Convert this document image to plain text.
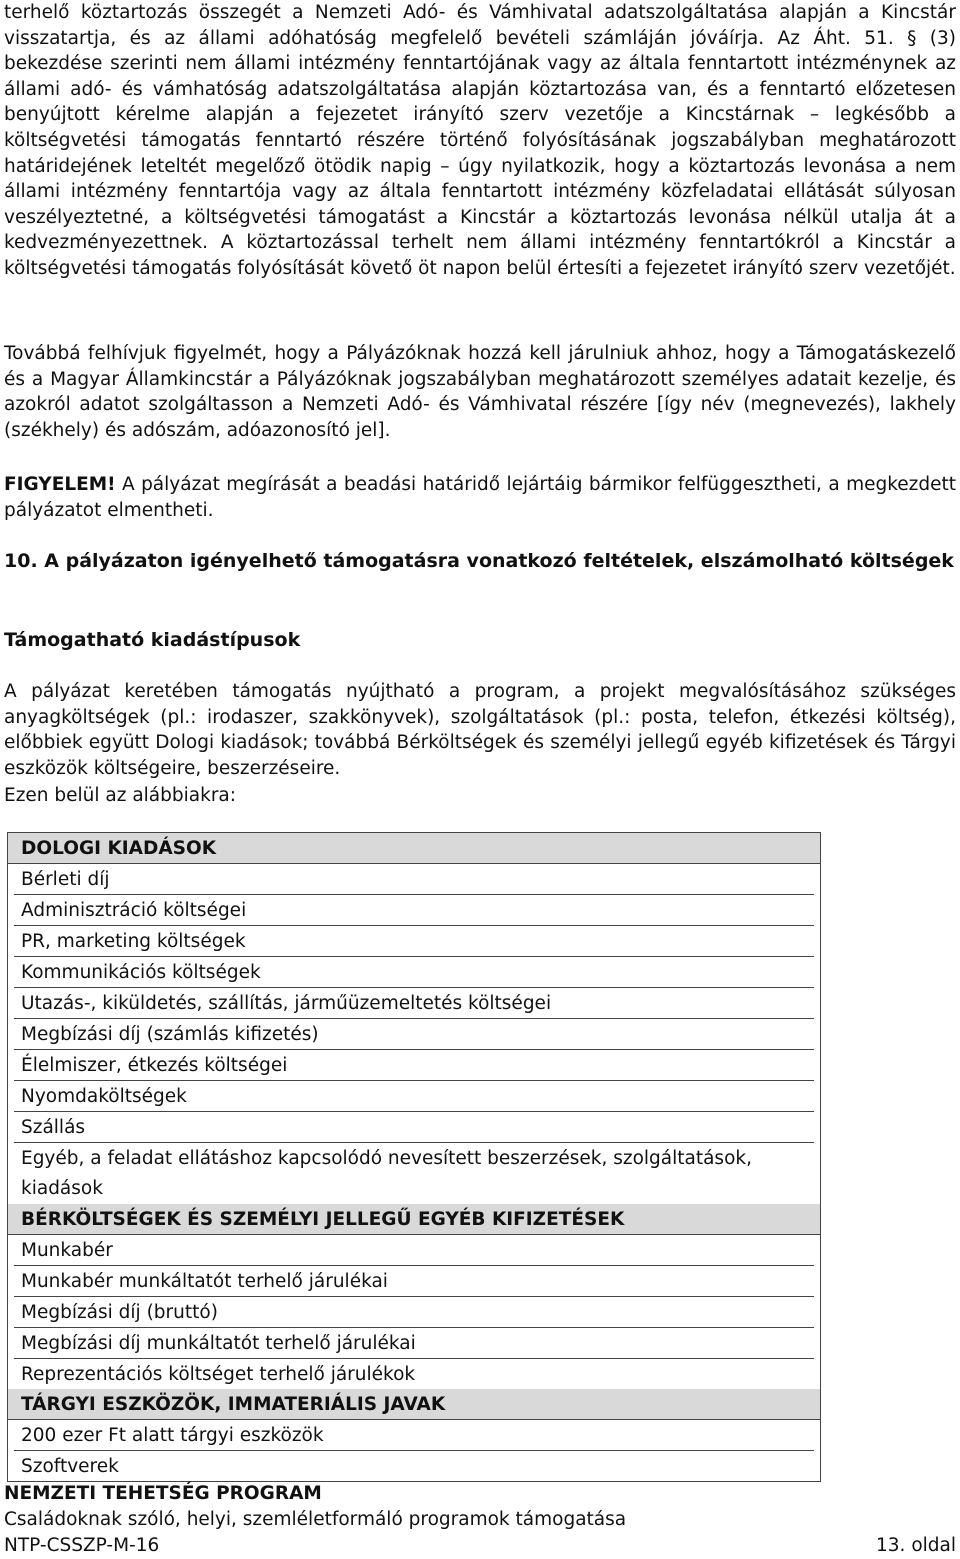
terhelő köztartozás összegét a Nemzeti Adó- és Vámhivatal adatszolgáltatása alapján a Kincstár visszatartja, és az állami adóhatóság megfelelő bevételi számláján jóváírja. Az Áht. 51. § (3) bekezdése szerinti nem állami intézmény fenntartójának vagy az általa fenntartott intézménynek az állami adó- és vámhatóság adatszolgáltatása alapján köztartozása van, és a fenntartó előzetesen benyújtott kérelme alapján a fejezetet irányító szerv vezetője a Kincstárnak – legkésőbb a költségvetési támogatás fenntartó részére történő folyósításának jogszabályban meghatározott határidejének leteltét megelőző ötödik napig – úgy nyilatkozik, hogy a köztartozás levonása a nem állami intézmény fenntartója vagy az általa fenntartott intézmény közfeladatai ellátását súlyosan veszélyeztetné, a költségvetési támogatást a Kincstár a köztartozás levonása nélkül utalja át a kedvezményezettnek. A köztartozással terhelt nem állami intézmény fenntartókról a Kincstár a költségvetési támogatás folyósítását követő öt napon belül értesíti a fejezetet irányító szerv vezetőjét.

Továbbá felhívjuk figyelmét, hogy a Pályázóknak hozzá kell járulniuk ahhoz, hogy a Támogatáskezelő és a Magyar Államkincstár a Pályázóknak jogszabályban meghatározott személyes adatait kezelje, és azokról adatot szolgáltasson a Nemzeti Adó- és Vámhivatal részére [így név (megnevezés), lakhely (székhely) és adószám, adóazonosító jel].

FIGYELEM! A pályázat megírását a beadási határidő lejártáig bármikor felfüggesztheti, a megkezdett pályázatot elmentheti.

10. A pályázaton igényelhető támogatásra vonatkozó feltételek, elszámolható költségek

Támogatható kiadástípusok

A pályázat keretében támogatás nyújtható a program, a projekt megvalósításához szükséges anyagköltségek (pl.: irodaszer, szakkönyvek), szolgáltatások (pl.: posta, telefon, étkezési költség), előbbiek együtt Dologi kiadások; továbbá Bérköltségek és személyi jellegű egyéb kifizetések és Tárgyi eszközök költségeire, beszerzéseire.

Ezen belül az alábbiakra:

DOLOGI KIADÁSOK
Bérleti díj
Adminisztráció költségei
PR, marketing költségek
Kommunikációs költségek
Utazás-, kiküldetés, szállítás, járműüzemeltetés költségei
Megbízási díj (számlás kifizetés)
Élelmiszer, étkezés költségei
Nyomdaköltségek
Szállás
Egyéb, a feladat ellátáshoz kapcsolódó nevesített beszerzések, szolgáltatások, kiadások
BÉRKÖLTSÉGEK ÉS SZEMÉLYI JELLEGŰ EGYÉB KIFIZETÉSEK
Munkabér
Munkabér munkáltatót terhelő járulékai
Megbízási díj (bruttó)
Megbízási díj munkáltatót terhelő járulékai
Reprezentációs költséget terhelő járulékok
TÁRGYI ESZKÖZÖK, IMMATERIÁLIS JAVAK
200 ezer Ft alatt tárgyi eszközök
Szoftverek
NEMZETI TEHETSÉG PROGRAM
Családoknak szóló, helyi, szemléletformáló programok támogatása
NTP-CSSZP-M-16	13. oldal
